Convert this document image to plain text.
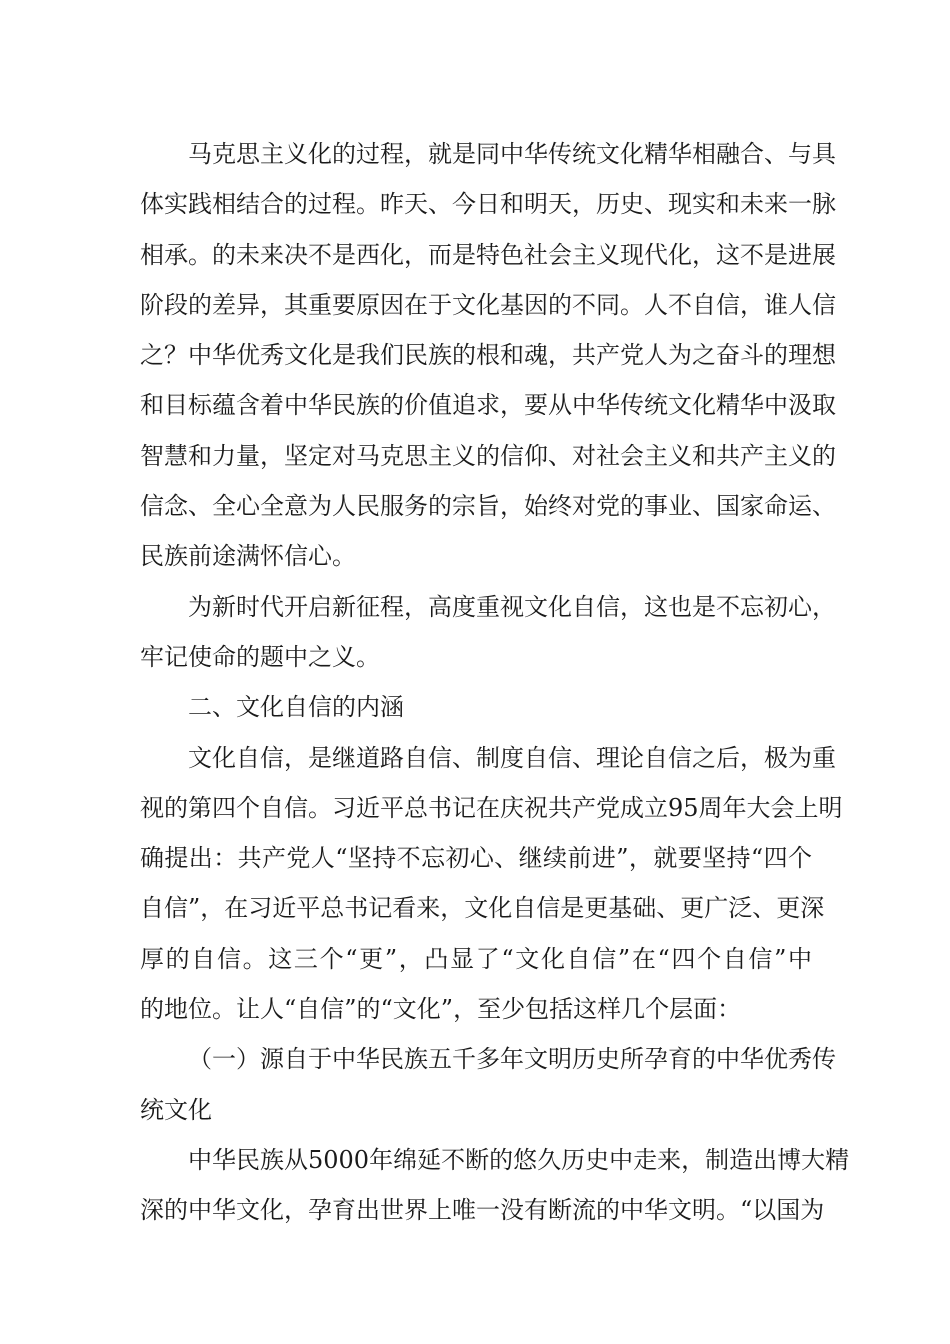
马克思主义化的过程，就是同中华传统文化精华相融合、与具
体实践相结合的过程。昨天、今日和明天，历史、现实和未来一脉
相承。的未来决不是西化，而是特色社会主义现代化，这不是进展
阶段的差异，其重要原因在于文化基因的不同。人不自信，谁人信
之？中华优秀文化是我们民族的根和魂，共产党人为之奋斗的理想
和目标蕴含着中华民族的价值追求，要从中华传统文化精华中汲取
智慧和力量，坚定对马克思主义的信仰、对社会主义和共产主义的
信念、全心全意为人民服务的宗旨，始终对党的事业、国家命运、
民族前途满怀信心。
为新时代开启新征程，高度重视文化自信，这也是不忘初心，
牢记使命的题中之义。
二、文化自信的内涵
文化自信，是继道路自信、制度自信、理论自信之后，极为重
视的第四个自信。习近平总书记在庆祝共产党成立95周年大会上明
确提出：共产党人“坚持不忘初心、继续前进”，就要坚持“四个
自信”，在习近平总书记看来，文化自信是更基础、更广泛、更深
厚的自信。这三个“更”，凸显了“文化自信”在“四个自信”中
的地位。让人“自信”的“文化”，至少包括这样几个层面：
（一）源自于中华民族五千多年文明历史所孕育的中华优秀传
统文化
中华民族从5000年绵延不断的悠久历史中走来，制造出博大精
深的中华文化，孕育出世界上唯一没有断流的中华文明。“以国为
